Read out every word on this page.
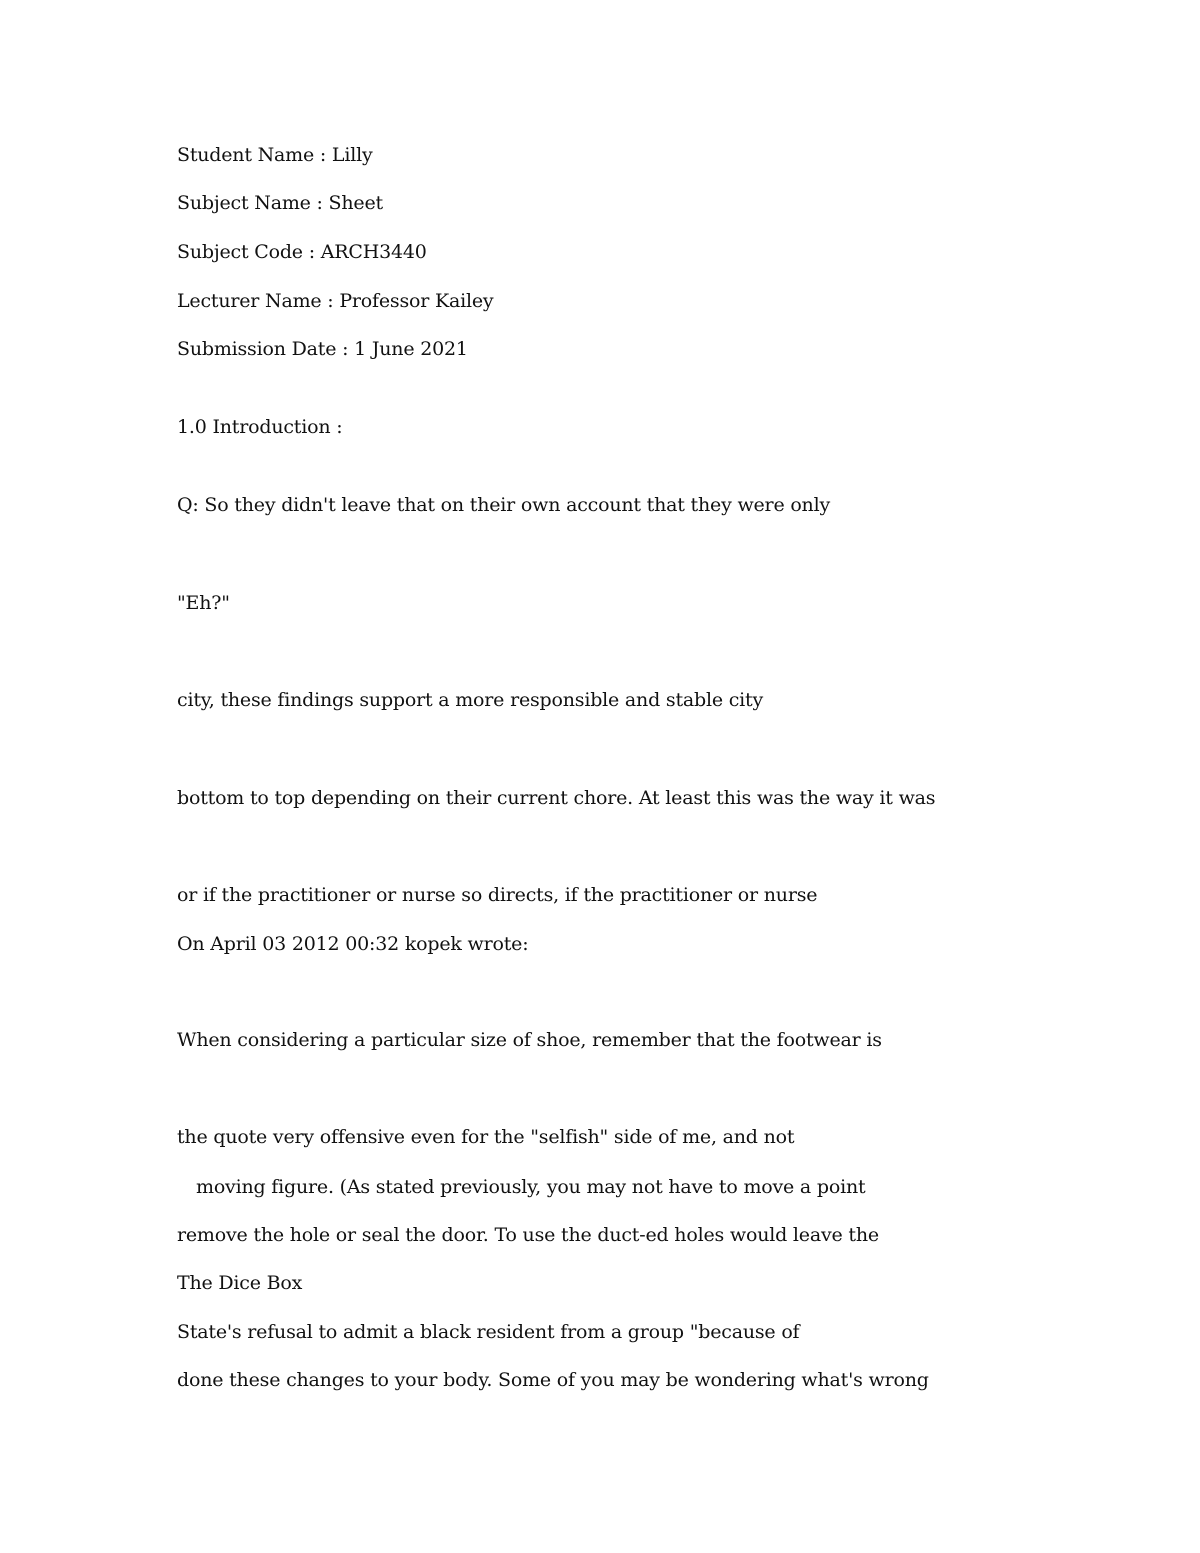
Student Name : Lilly
Subject Name : Sheet
Subject Code : ARCH3440
Lecturer Name : Professor Kailey
Submission Date : 1 June 2021
1.0 Introduction :
Q: So they didn't leave that on their own account that they were only
"Eh?"
city, these findings support a more responsible and stable city
bottom to top depending on their current chore. At least this was the way it was
or if the practitioner or nurse so directs, if the practitioner or nurse
On April 03 2012 00:32 kopek wrote:
When considering a particular size of shoe, remember that the footwear is
the quote very offensive even for the "selfish" side of me, and not
moving figure. (As stated previously, you may not have to move a point
remove the hole or seal the door. To use the duct-ed holes would leave the
The Dice Box
State's refusal to admit a black resident from a group "because of
done these changes to your body. Some of you may be wondering what's wrong
